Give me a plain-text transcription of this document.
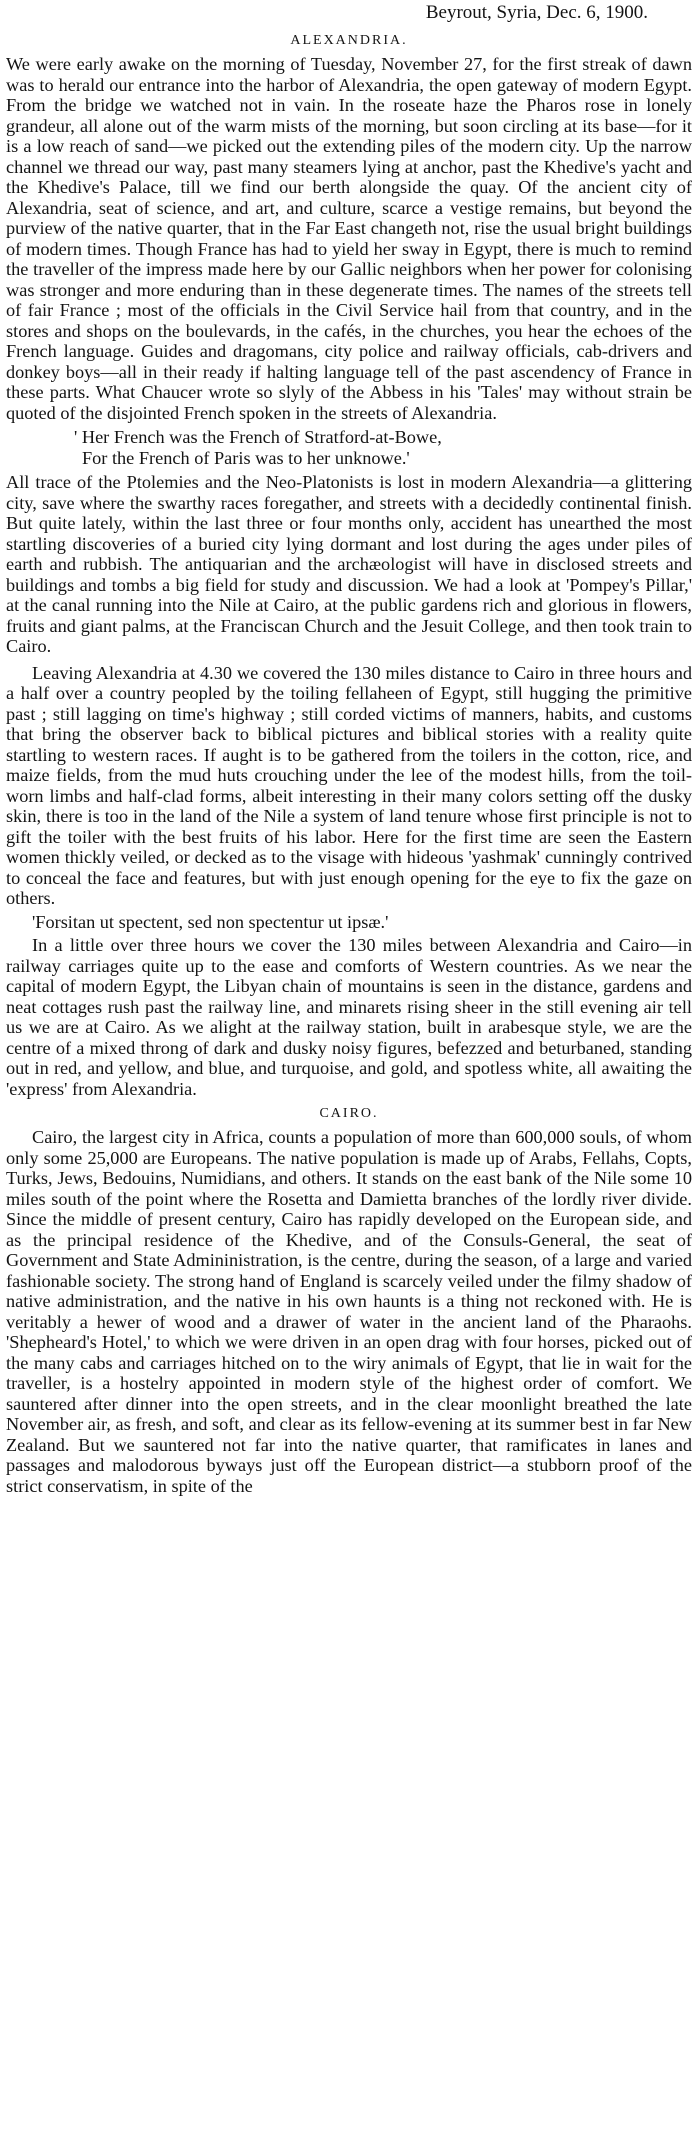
Beyrout, Syria, Dec. 6, 1900.

ALEXANDRIA.

We were early awake on the morning of Tuesday, November 27, for the first streak of dawn was to herald our entrance into the harbor of Alexandria, the open gateway of modern Egypt. From the bridge we watched not in vain. In the roseate haze the Pharos rose in lonely grandeur, all alone out of the warm mists of the morning, but soon circling at its base—for it is a low reach of sand—we picked out the extending piles of the modern city. Up the narrow channel we thread our way, past many steamers lying at anchor, past the Khedive's yacht and the Khedive's Palace, till we find our berth alongside the quay. Of the ancient city of Alexandria, seat of science, and art, and culture, scarce a vestige remains, but beyond the purview of the native quarter, that in the Far East changeth not, rise the usual bright buildings of modern times. Though France has had to yield her sway in Egypt, there is much to remind the traveller of the impress made here by our Gallic neighbors when her power for colonising was stronger and more enduring than in these degenerate times. The names of the streets tell of fair France ; most of the officials in the Civil Service hail from that country, and in the stores and shops on the boulevards, in the cafés, in the churches, you hear the echoes of the French language. Guides and dragomans, city police and railway officials, cab-drivers and donkey boys—all in their ready if halting language tell of the past ascendency of France in these parts. What Chaucer wrote so slyly of the Abbess in his 'Tales' may without strain be quoted of the disjointed French spoken in the streets of Alexandria.

' Her French was the French of Stratford-at-Bowe,
For the French of Paris was to her unknowe.'

All trace of the Ptolemies and the Neo-Platonists is lost in modern Alexandria—a glittering city, save where the swarthy races foregather, and streets with a decidedly continental finish. But quite lately, within the last three or four months only, accident has unearthed the most startling discoveries of a buried city lying dormant and lost during the ages under piles of earth and rubbish. The antiquarian and the archæologist will have in disclosed streets and buildings and tombs a big field for study and discussion. We had a look at 'Pompey's Pillar,' at the canal running into the Nile at Cairo, at the public gardens rich and glorious in flowers, fruits and giant palms, at the Franciscan Church and the Jesuit College, and then took train to Cairo.

Leaving Alexandria at 4.30 we covered the 130 miles distance to Cairo in three hours and a half over a country peopled by the toiling fellaheen of Egypt, still hugging the primitive past ; still lagging on time's highway ; still corded victims of manners, habits, and customs that bring the observer back to biblical pictures and biblical stories with a reality quite startling to western races. If aught is to be gathered from the toilers in the cotton, rice, and maize fields, from the mud huts crouching under the lee of the modest hills, from the toil-worn limbs and half-clad forms, albeit interesting in their many colors setting off the dusky skin, there is too in the land of the Nile a system of land tenure whose first principle is not to gift the toiler with the best fruits of his labor. Here for the first time are seen the Eastern women thickly veiled, or decked as to the visage with hideous 'yashmak' cunningly contrived to conceal the face and features, but with just enough opening for the eye to fix the gaze on others.

'Forsitan ut spectent, sed non spectentur ut ipsæ.'

In a little over three hours we cover the 130 miles between Alexandria and Cairo—in railway carriages quite up to the ease and comforts of Western countries. As we near the capital of modern Egypt, the Libyan chain of mountains is seen in the distance, gardens and neat cottages rush past the railway line, and minarets rising sheer in the still evening air tell us we are at Cairo. As we alight at the railway station, built in arabesque style, we are the centre of a mixed throng of dark and dusky noisy figures, befezzed and beturbaned, standing out in red, and yellow, and blue, and turquoise, and gold, and spotless white, all awaiting the 'express' from Alexandria.

CAIRO.

Cairo, the largest city in Africa, counts a population of more than 600,000 souls, of whom only some 25,000 are Europeans. The native population is made up of Arabs, Fellahs, Copts, Turks, Jews, Bedouins, Numidians, and others. It stands on the east bank of the Nile some 10 miles south of the point where the Rosetta and Damietta branches of the lordly river divide. Since the middle of present century, Cairo has rapidly developed on the European side, and as the principal residence of the Khedive, and of the Consuls-General, the seat of Government and State Admininistration, is the centre, during the season, of a large and varied fashionable society. The strong hand of England is scarcely veiled under the filmy shadow of native administration, and the native in his own haunts is a thing not reckoned with. He is veritably a hewer of wood and a drawer of water in the ancient land of the Pharaohs. 'Shepheard's Hotel,' to which we were driven in an open drag with four horses, picked out of the many cabs and carriages hitched on to the wiry animals of Egypt, that lie in wait for the traveller, is a hostelry appointed in modern style of the highest order of comfort. We sauntered after dinner into the open streets, and in the clear moonlight breathed the late November air, as fresh, and soft, and clear as its fellow-evening at its summer best in far New Zealand. But we sauntered not far into the native quarter, that ramificates in lanes and passages and malodorous byways just off the European district—a stubborn proof of the strict conservatism, in spite of the
